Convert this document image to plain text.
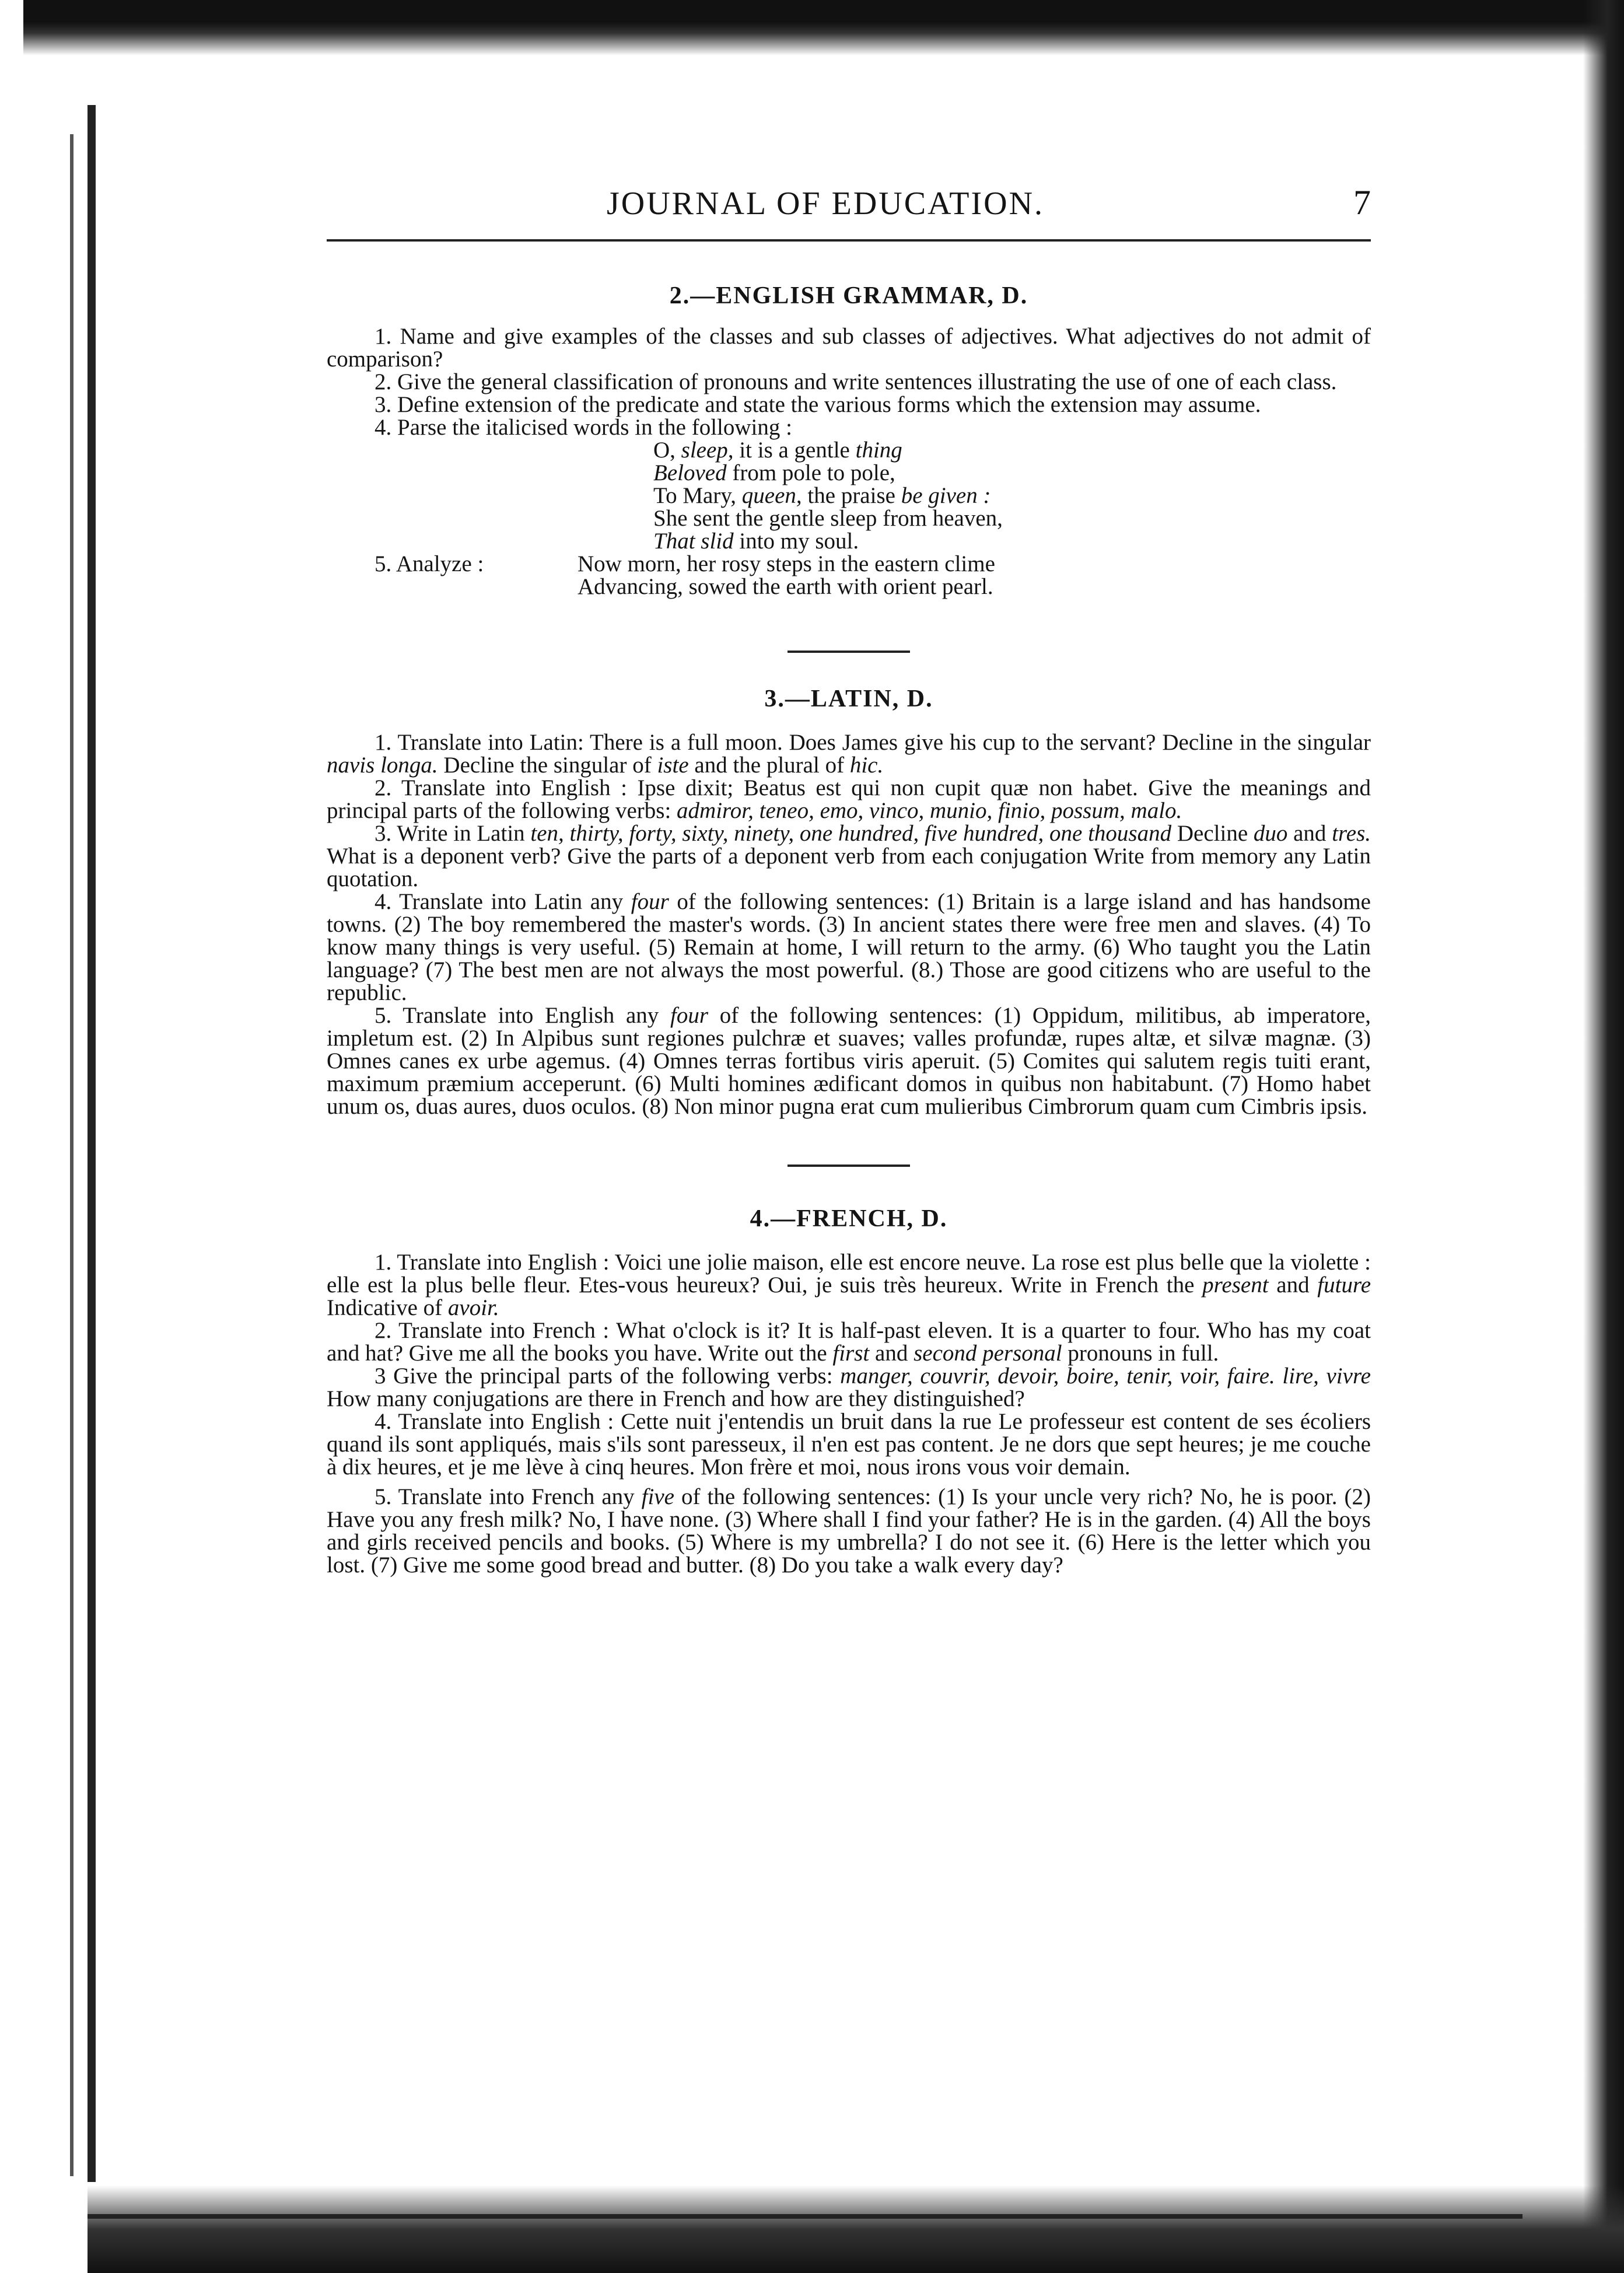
JOURNAL OF EDUCATION.	7
2.—ENGLISH GRAMMAR, D.

1. Name and give examples of the classes and sub classes of adjectives. What adjectives do not admit of comparison?

2. Give the general classification of pronouns and write sentences illustrating the use of one of each class.

3. Define extension of the predicate and state the various forms which the extension may assume.

4. Parse the italicised words in the following :

O, sleep, it is a gentle thing
Beloved from pole to pole,
To Mary, queen, the praise be given :
She sent the gentle sleep from heaven,
That slid into my soul.
5. Analyze :	Now morn, her rosy steps in the eastern clime
Advancing, sowed the earth with orient pearl.
3.—LATIN, D.

1. Translate into Latin: There is a full moon. Does James give his cup to the servant? Decline in the singular navis longa. Decline the singular of iste and the plural of hic.

2. Translate into English : Ipse dixit; Beatus est qui non cupit quæ non habet. Give the meanings and principal parts of the following verbs: admiror, teneo, emo, vinco, munio, finio, possum, malo.

3. Write in Latin ten, thirty, forty, sixty, ninety, one hundred, five hundred, one thousand Decline duo and tres. What is a deponent verb? Give the parts of a deponent verb from each conjugation Write from memory any Latin quotation.

4. Translate into Latin any four of the following sentences: (1) Britain is a large island and has handsome towns. (2) The boy remembered the master's words. (3) In ancient states there were free men and slaves. (4) To know many things is very useful. (5) Remain at home, I will return to the army. (6) Who taught you the Latin language? (7) The best men are not always the most powerful. (8.) Those are good citizens who are useful to the republic.

5. Translate into English any four of the following sentences: (1) Oppidum, militibus, ab imperatore, impletum est. (2) In Alpibus sunt regiones pulchræ et suaves; valles profundæ, rupes altæ, et silvæ magnæ. (3) Omnes canes ex urbe agemus. (4) Omnes terras fortibus viris aperuit. (5) Comites qui salutem regis tuiti erant, maximum præmium acceperunt. (6) Multi homines ædificant domos in quibus non habitabunt. (7) Homo habet unum os, duas aures, duos oculos. (8) Non minor pugna erat cum mulieribus Cimbrorum quam cum Cimbris ipsis.

4.—FRENCH, D.

1. Translate into English : Voici une jolie maison, elle est encore neuve. La rose est plus belle que la violette : elle est la plus belle fleur. Etes-vous heureux? Oui, je suis très heureux. Write in French the present and future Indicative of avoir.

2. Translate into French : What o'clock is it? It is half-past eleven. It is a quarter to four. Who has my coat and hat? Give me all the books you have. Write out the first and second personal pronouns in full.

3 Give the principal parts of the following verbs: manger, couvrir, devoir, boire, tenir, voir, faire. lire, vivre How many conjugations are there in French and how are they distinguished?

4. Translate into English : Cette nuit j'entendis un bruit dans la rue Le professeur est content de ses écoliers quand ils sont appliqués, mais s'ils sont paresseux, il n'en est pas content. Je ne dors que sept heures; je me couche à dix heures, et je me lève à cinq heures. Mon frère et moi, nous irons vous voir demain.

5. Translate into French any five of the following sentences: (1) Is your uncle very rich? No, he is poor. (2) Have you any fresh milk? No, I have none. (3) Where shall I find your father? He is in the garden. (4) All the boys and girls received pencils and books. (5) Where is my umbrella? I do not see it. (6) Here is the letter which you lost. (7) Give me some good bread and butter. (8) Do you take a walk every day?
